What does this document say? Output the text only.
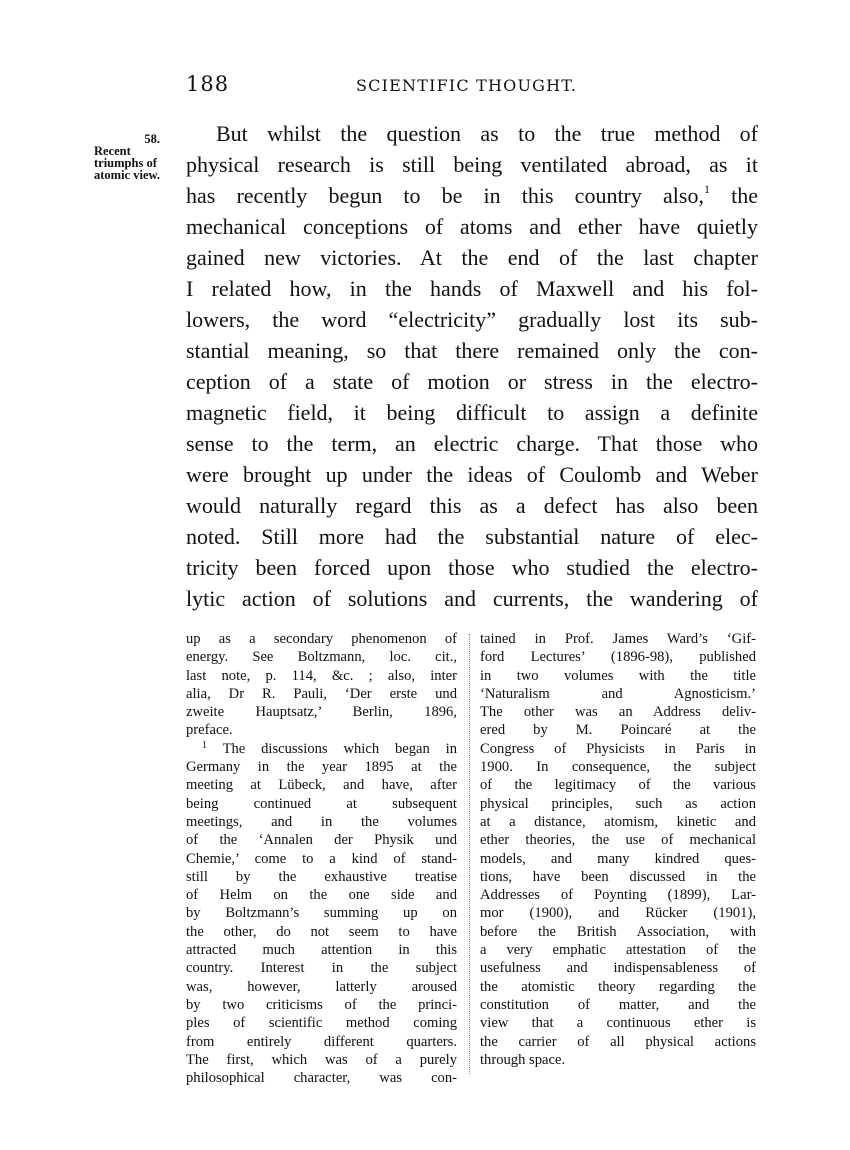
188	SCIENTIFIC THOUGHT.
58.
Recent
triumphs of
atomic view.
But whilst the question as to the true method of
physical research is still being ventilated abroad, as it
has recently begun to be in this country also,$^1$ the
mechanical conceptions of atoms and ether have quietly
gained new victories. At the end of the last chapter
I related how, in the hands of Maxwell and his fol-
lowers, the word “electricity” gradually lost its sub-
stantial meaning, so that there remained only the con-
ception of a state of motion or stress in the electro-
magnetic field, it being difficult to assign a definite
sense to the term, an electric charge. That those who
were brought up under the ideas of Coulomb and Weber
would naturally regard this as a defect has also been
noted. Still more had the substantial nature of elec-
tricity been forced upon those who studied the electro-
lytic action of solutions and currents, the wandering of
up as a secondary phenomenon of
energy. See Boltzmann, loc. cit.,
last note, p. 114, &c. ; also, inter
alia, Dr R. Pauli, ‘Der erste und
zweite Hauptsatz,’ Berlin, 1896,
preface.
$^1$ The discussions which began in
Germany in the year 1895 at the
meeting at Lübeck, and have, after
being continued at subsequent
meetings, and in the volumes
of the ‘Annalen der Physik und
Chemie,’ come to a kind of stand-
still by the exhaustive treatise
of Helm on the one side and
by Boltzmann’s summing up on
the other, do not seem to have
attracted much attention in this
country. Interest in the subject
was, however, latterly aroused
by two criticisms of the princi-
ples of scientific method coming
from entirely different quarters.
The first, which was of a purely
philosophical character, was con-
tained in Prof. James Ward’s ‘Gif-
ford Lectures’ (1896-98), published
in two volumes with the title
‘Naturalism and Agnosticism.’
The other was an Address deliv-
ered by M. Poincaré at the
Congress of Physicists in Paris in
1900. In consequence, the subject
of the legitimacy of the various
physical principles, such as action
at a distance, atomism, kinetic and
ether theories, the use of mechanical
models, and many kindred ques-
tions, have been discussed in the
Addresses of Poynting (1899), Lar-
mor (1900), and Rücker (1901),
before the British Association, with
a very emphatic attestation of the
usefulness and indispensableness of
the atomistic theory regarding the
constitution of matter, and the
view that a continuous ether is
the carrier of all physical actions
through space.
